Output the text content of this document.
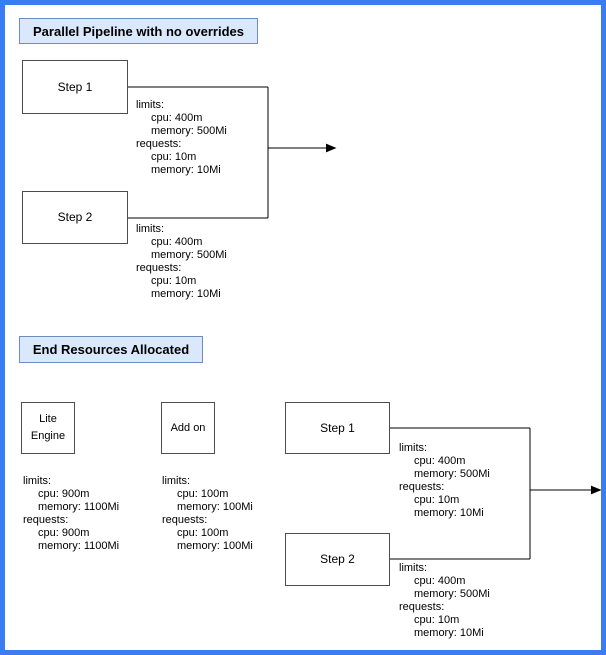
Parallel Pipeline with no overrides
Step 1
limits:
cpu: 400m
memory: 500Mi
requests:
cpu: 10m
memory: 10Mi
Step 2
limits:
cpu: 400m
memory: 500Mi
requests:
cpu: 10m
memory: 10Mi
End Resources Allocated
Lite Engine
limits:
cpu: 900m
memory: 1100Mi
requests:
cpu: 900m
memory: 1100Mi
Add on
limits:
cpu: 100m
memory: 100Mi
requests:
cpu: 100m
memory: 100Mi
Step 1
limits:
cpu: 400m
memory: 500Mi
requests:
cpu: 10m
memory: 10Mi
Step 2
limits:
cpu: 400m
memory: 500Mi
requests:
cpu: 10m
memory: 10Mi
